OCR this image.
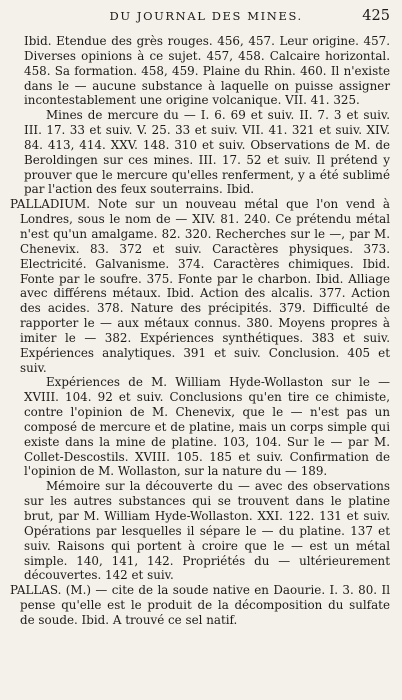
DU JOURNAL DES MINES.	425

Ibid. Etendue des grès rouges. 456, 457. Leur origine. 457. Diverses opinions à ce sujet. 457, 458. Calcaire horizontal. 458. Sa formation. 458, 459. Plaine du Rhin. 460. Il n'existe dans le — aucune substance à laquelle on puisse assigner incontestablement une origine volcanique. VII. 41. 325.

Mines de mercure du — I. 6. 69 et suiv. II. 7. 3 et suiv. III. 17. 33 et suiv. V. 25. 33 et suiv. VII. 41. 321 et suiv. XIV. 84. 413, 414. XXV. 148. 310 et suiv. Observations de M. de Beroldingen sur ces mines. III. 17. 52 et suiv. Il prétend y prouver que le mercure qu'elles renferment, y a été sublimé par l'action des feux souterrains. Ibid.

PALLADIUM. Note sur un nouveau métal que l'on vend à Londres, sous le nom de — XIV. 81. 240. Ce prétendu métal n'est qu'un amalgame. 82. 320. Recherches sur le —, par M. Chenevix. 83. 372 et suiv. Caractères physiques. 373. Electricité. Galvanisme. 374. Caractères chimiques. Ibid. Fonte par le soufre. 375. Fonte par le charbon. Ibid. Alliage avec différens métaux. Ibid. Action des alcalis. 377. Action des acides. 378. Nature des précipités. 379. Difficulté de rapporter le — aux métaux connus. 380. Moyens propres à imiter le — 382. Expériences synthétiques. 383 et suiv. Expériences analytiques. 391 et suiv. Conclusion. 405 et suiv.

Expériences de M. William Hyde-Wollaston sur le — XVIII. 104. 92 et suiv. Conclusions qu'en tire ce chimiste, contre l'opinion de M. Chenevix, que le — n'est pas un composé de mercure et de platine, mais un corps simple qui existe dans la mine de platine. 103, 104. Sur le — par M. Collet-Descostils. XVIII. 105. 185 et suiv. Confirmation de l'opinion de M. Wollaston, sur la nature du — 189.

Mémoire sur la découverte du — avec des observations sur les autres substances qui se trouvent dans le platine brut, par M. William Hyde-Wollaston. XXI. 122. 131 et suiv. Opérations par lesquelles il sépare le — du platine. 137 et suiv. Raisons qui portent à croire que le — est un métal simple. 140, 141, 142. Propriétés du — ultérieurement découvertes. 142 et suiv.

PALLAS. (M.) — cite de la soude native en Daourie. I. 3. 80. Il pense qu'elle est le produit de la décomposition du sulfate de soude. Ibid. A trouvé ce sel natif.
